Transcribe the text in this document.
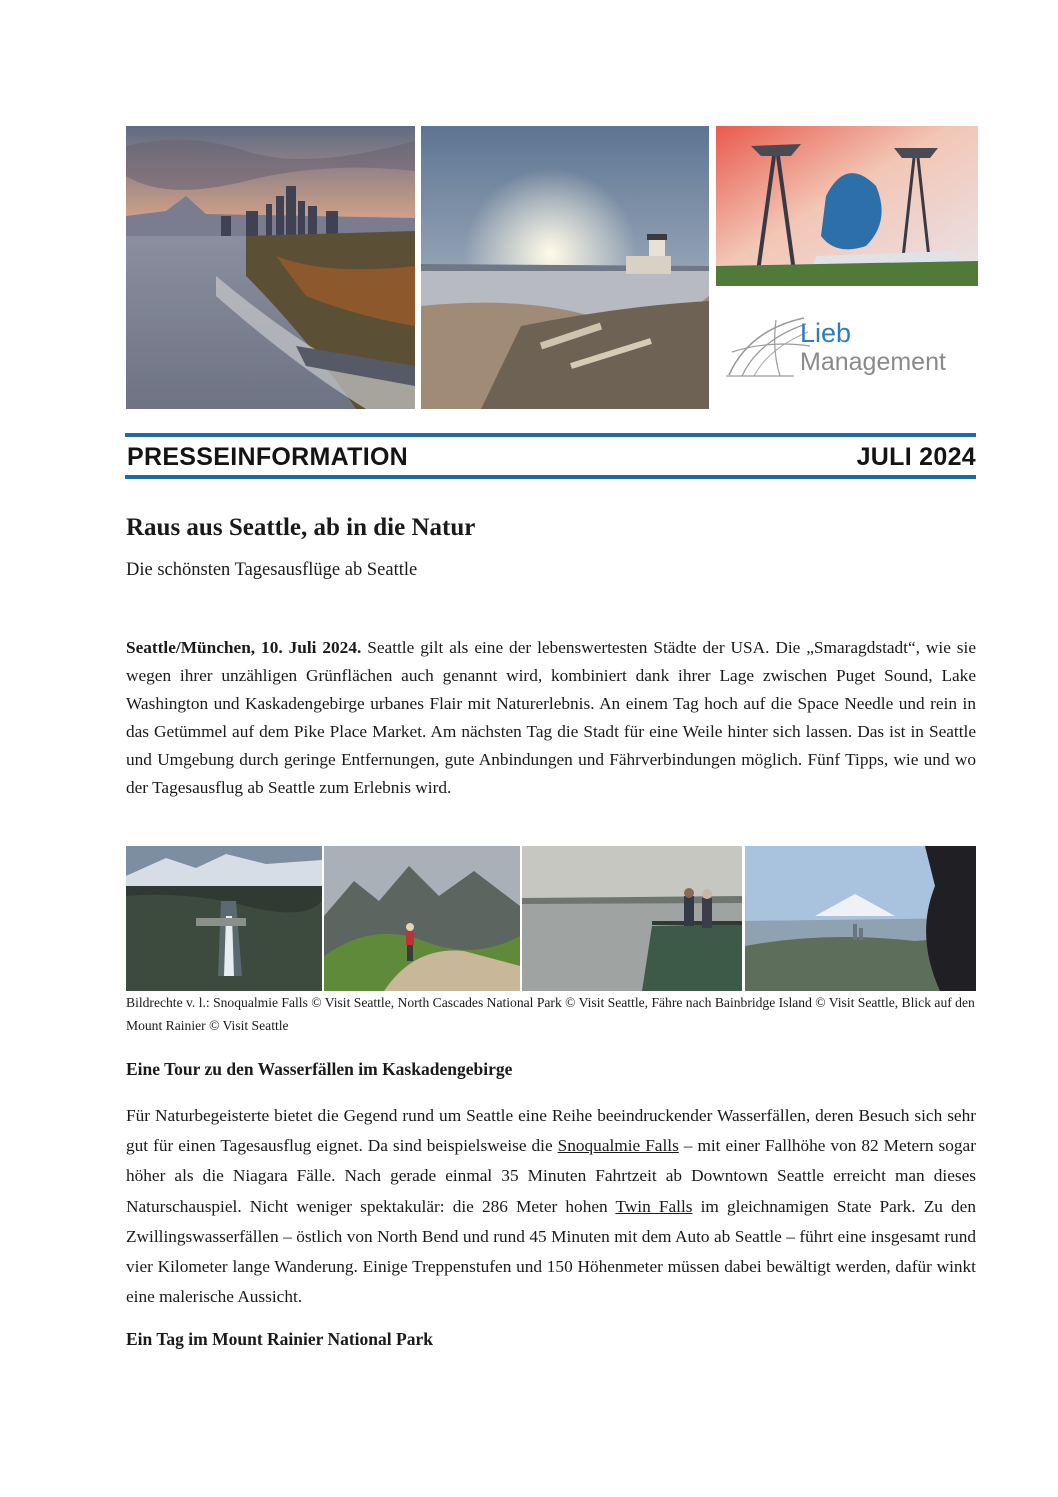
Lieb
Management
PRESSEINFORMATION	JULI 2024
Raus aus Seattle, ab in die Natur
Die schönsten Tagesausflüge ab Seattle
Seattle/München, 10. Juli 2024. Seattle gilt als eine der lebenswertesten Städte der USA. Die „Smaragdstadt“, wie sie wegen ihrer unzähligen Grünflächen auch genannt wird, kombiniert dank ihrer Lage zwischen Puget Sound, Lake Washington und Kaskadengebirge urbanes Flair mit Naturerlebnis. An einem Tag hoch auf die Space Needle und rein in das Getümmel auf dem Pike Place Market. Am nächsten Tag die Stadt für eine Weile hinter sich lassen. Das ist in Seattle und Umgebung durch geringe Entfernungen, gute Anbindungen und Fährverbindungen möglich. Fünf Tipps, wie und wo der Tagesausflug ab Seattle zum Erlebnis wird.
Bildrechte v. l.: Snoqualmie Falls © Visit Seattle, North Cascades National Park © Visit Seattle, Fähre nach Bainbridge Island © Visit Seattle, Blick auf den Mount Rainier © Visit Seattle
Eine Tour zu den Wasserfällen im Kaskadengebirge
Für Naturbegeisterte bietet die Gegend rund um Seattle eine Reihe beeindruckender Wasserfällen, deren Besuch sich sehr gut für einen Tagesausflug eignet. Da sind beispielsweise die Snoqualmie Falls – mit einer Fallhöhe von 82 Metern sogar höher als die Niagara Fälle. Nach gerade einmal 35 Minuten Fahrtzeit ab Downtown Seattle erreicht man dieses Naturschauspiel. Nicht weniger spektakulär: die 286 Meter hohen Twin Falls im gleichnamigen State Park. Zu den Zwillingswasserfällen – östlich von North Bend und rund 45 Minuten mit dem Auto ab Seattle – führt eine insgesamt rund vier Kilometer lange Wanderung. Einige Treppenstufen und 150 Höhenmeter müssen dabei bewältigt werden, dafür winkt eine malerische Aussicht.
Ein Tag im Mount Rainier National Park
